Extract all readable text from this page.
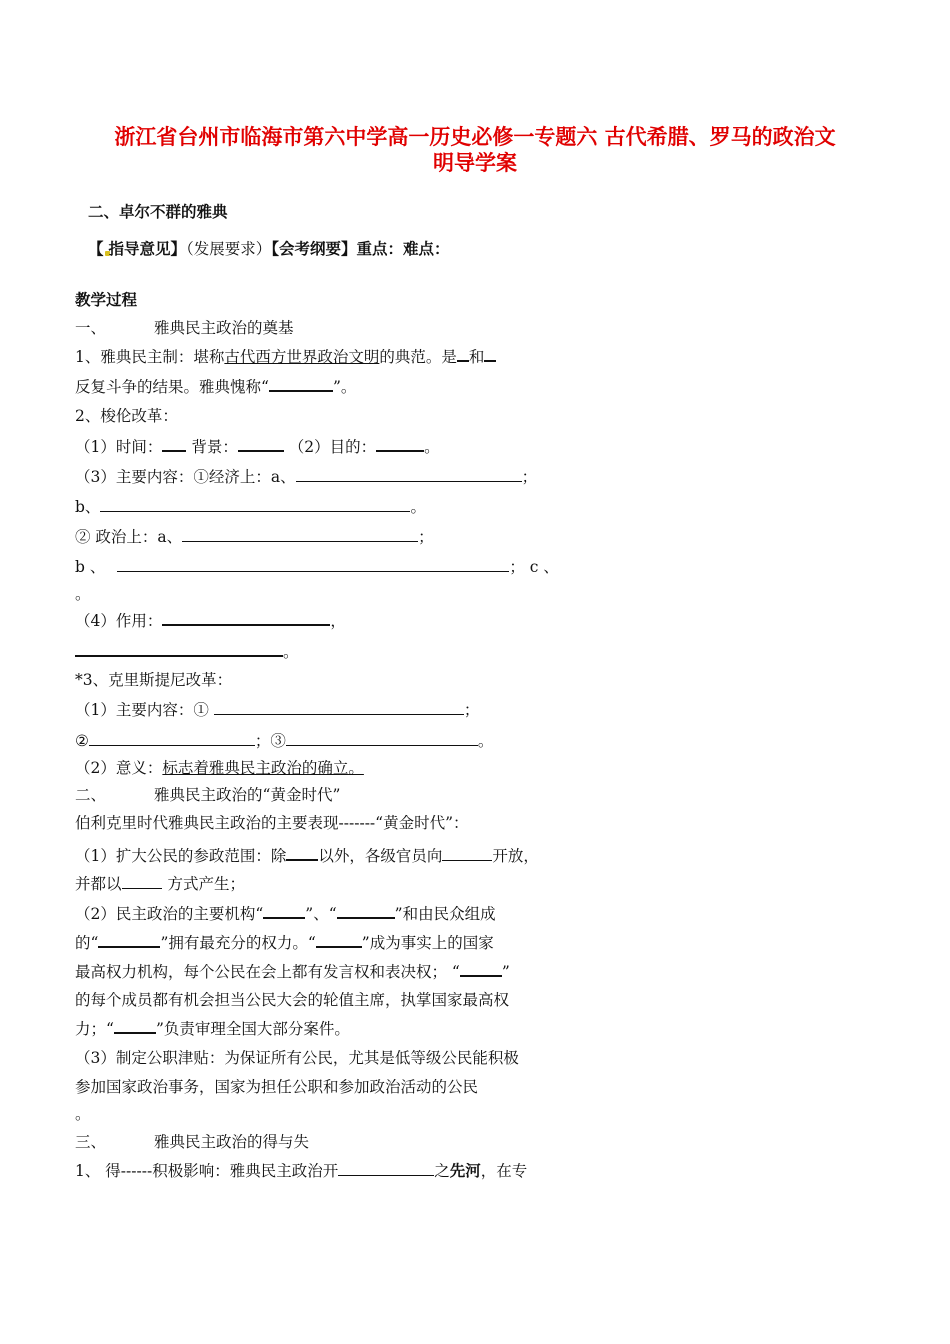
浙江省台州市临海市第六中学高一历史必修一专题六 古代希腊、罗马的政治文
明导学案
二、卓尔不群的雅典
【 指导意见】（发展要求）【会考纲要】重点：难点：
教学过程
一、	雅典民主政治的奠基
1、雅典民主制：堪称古代西方世界政治文明的典范。是 和
反复斗争的结果。雅典愧称“	”。
2、梭伦改革：
（1）时间： 背景：	（2）目的：	。
（3）主要内容：①经济上：a、	；
b、	。
② 政治上：a、	；
b 、	； c 、
。
（4）作用：	，
。
*3、克里斯提尼改革：
（1）主要内容：①	；
②	；③	。
（2）意义：标志着雅典民主政治的确立。
二、	雅典民主政治的“黄金时代”
伯利克里时代雅典民主政治的主要表现-------“黄金时代”：
（1）扩大公民的参政范围：除 以外，各级官员向	开放，
并都以	方式产生；
（2）民主政治的主要机构“	”、“	”和由民众组成
的“	”拥有最充分的权力。“	”成为事实上的国家
最高权力机构，每个公民在会上都有发言权和表决权； “	”
的每个成员都有机会担当公民大会的轮值主席，执掌国家最高权
力；“	”负责审理全国大部分案件。
（3）制定公职津贴：为保证所有公民，尤其是低等级公民能积极
参加国家政治事务，国家为担任公职和参加政治活动的公民
。
三、	雅典民主政治的得与失
1、 得------积极影响：雅典民主政治开	之先河，在专
